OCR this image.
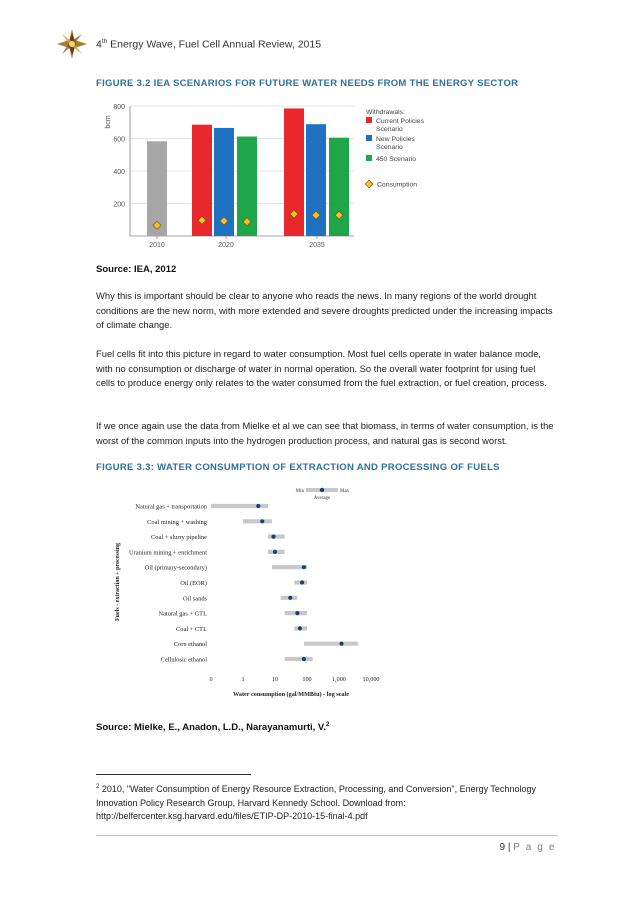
4th Energy Wave, Fuel Cell Annual Review, 2015
FIGURE 3.2 IEA SCENARIOS FOR FUTURE WATER NEEDS FROM THE ENERGY SECTOR
200
400
600
800
bcm
2010	2020	2035
Withdrawals:
Current Policies
Scenario
New Policies
Scenario
450 Scenario
Consumption
Source: IEA, 2012

Why this is important should be clear to anyone who reads the news. In many regions of the world drought conditions are the new norm, with more extended and severe droughts predicted under the increasing impacts of climate change.

Fuel cells fit into this picture in regard to water consumption. Most fuel cells operate in water balance mode, with no consumption or discharge of water in normal operation. So the overall water footprint for using fuel cells to produce energy only relates to the water consumed from the fuel extraction, or fuel creation, process.

If we once again use the data from Mielke et al we can see that biomass, in terms of water consumption, is the worst of the common inputs into the hydrogen production process, and natural gas is second worst.

FIGURE 3.3: WATER CONSUMPTION OF EXTRACTION AND PROCESSING OF FUELS
Min	Max
Average
Natural gas + transportation
Coal mining + washing
Coal + slurry pipeline
Uranium mining + enrichment
Oil (primary-secondary)
Oil (EOR)
Oil sands
Natural gas + GTL
Coal + CTL
Corn ethanol
Cellulosic ethanol
Fuels - extraction + processing
0	1	10	100	1,000	10,000
Water consumption (gal/MMBtu) - log scale
Source: Mielke, E., Anadon, L.D., Narayanamurti, V.$^2$
$^2$ 2010, "Water Consumption of Energy Resource Extraction, Processing, and Conversion", Energy Technology Innovation Policy Research Group, Harvard Kennedy School. Download from: http://belfercenter.ksg.harvard.edu/files/ETIP-DP-2010-15-final-4.pdf
9 | P a g e
